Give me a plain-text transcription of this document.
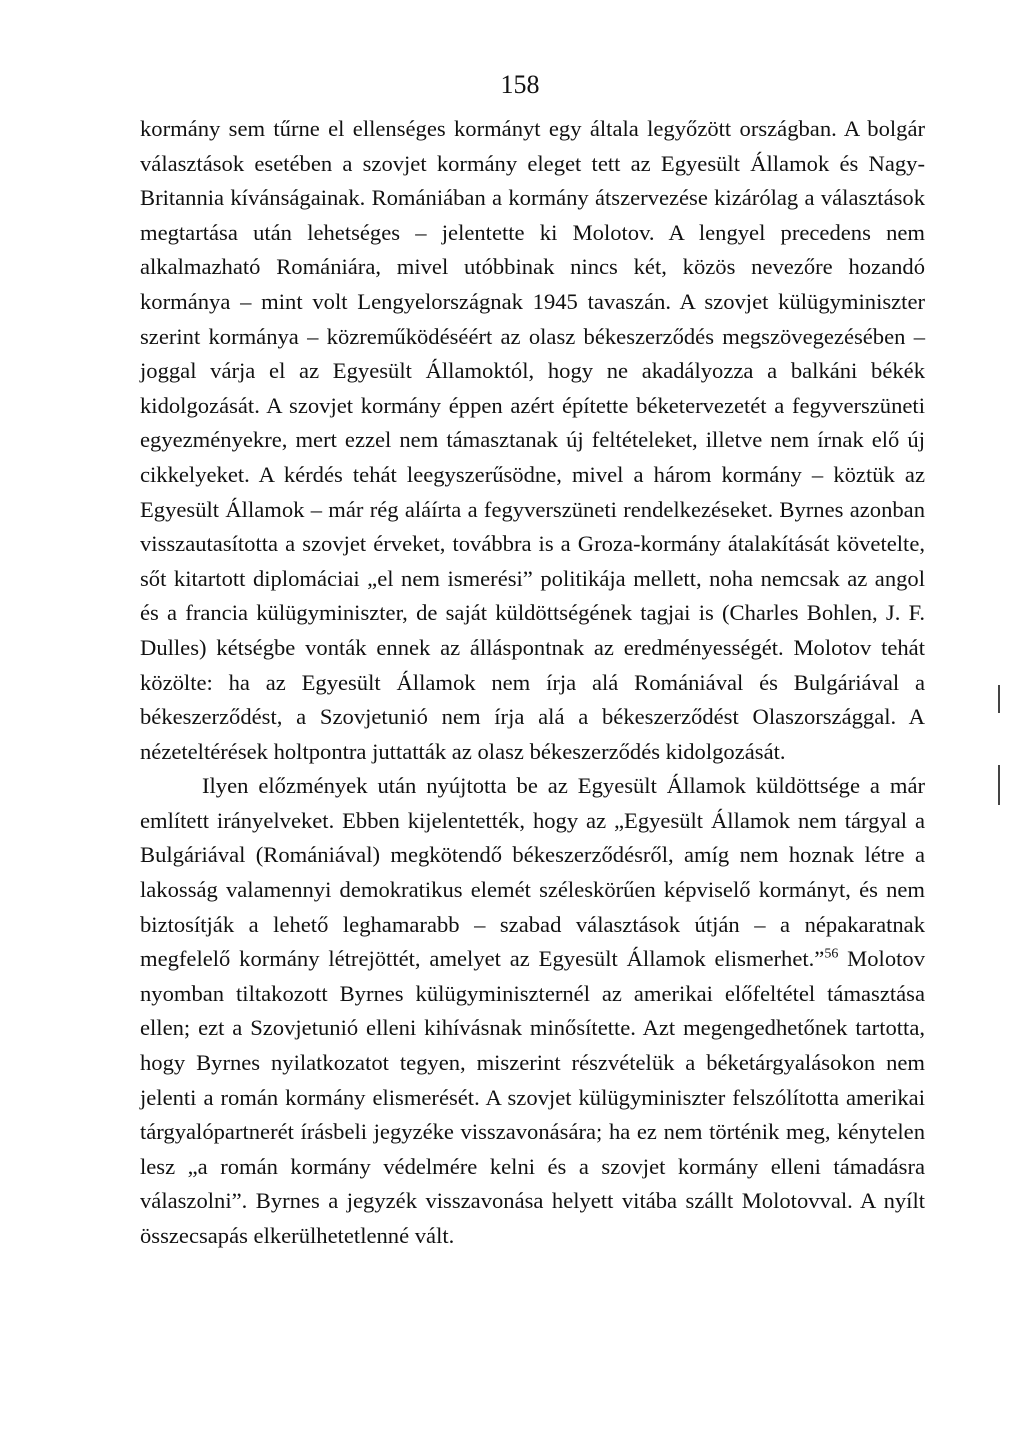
158

kormány sem tűrne el ellenséges kormányt egy általa legyőzött országban. A bolgár választások esetében a szovjet kormány eleget tett az Egyesült Államok és Nagy-Britannia kívánságainak. Romániában a kormány átszervezése kizárólag a választások megtartása után lehetséges – jelentette ki Molotov. A lengyel precedens nem alkalmazható Romániára, mivel utóbbinak nincs két, közös nevezőre hozandó kormánya – mint volt Lengyelországnak 1945 tavaszán. A szovjet külügyminiszter szerint kormánya – közreműködéséért az olasz békeszerződés megszövegezésében – joggal várja el az Egyesült Államoktól, hogy ne akadályozza a balkáni békék kidolgozását. A szovjet kormány éppen azért építette béketervezetét a fegyverszüneti egyezményekre, mert ezzel nem támasztanak új feltételeket, illetve nem írnak elő új cikkelyeket. A kérdés tehát leegyszerűsödne, mivel a három kormány – köztük az Egyesült Államok – már rég aláírta a fegyverszüneti rendelkezéseket. Byrnes azonban visszautasította a szovjet érveket, továbbra is a Groza-kormány átalakítását követelte, sőt kitartott diplomáciai „el nem ismerési” politikája mellett, noha nemcsak az angol és a francia külügyminiszter, de saját küldöttségének tagjai is (Charles Bohlen, J. F. Dulles) kétségbe vonták ennek az álláspontnak az eredményességét. Molotov tehát közölte: ha az Egyesült Államok nem írja alá Romániával és Bulgáriával a békeszerződést, a Szovjetunió nem írja alá a békeszerződést Olaszországgal. A nézeteltérések holtpontra juttatták az olasz békeszerződés kidolgozását.

Ilyen előzmények után nyújtotta be az Egyesült Államok küldöttsége a már említett irányelveket. Ebben kijelentették, hogy az „Egyesült Államok nem tárgyal a Bulgáriával (Romániával) megkötendő békeszerződésről, amíg nem hoznak létre a lakosság valamennyi demokratikus elemét széleskörűen képviselő kormányt, és nem biztosítják a lehető leghamarabb – szabad választások útján – a népakaratnak megfelelő kormány létrejöttét, amelyet az Egyesült Államok elismerhet.”$^{56}$ Molotov nyomban tiltakozott Byrnes külügyminiszternél az amerikai előfeltétel támasztása ellen; ezt a Szovjetunió elleni kihívásnak minősítette. Azt megengedhetőnek tartotta, hogy Byrnes nyilatkozatot tegyen, miszerint részvételük a béketárgyalásokon nem jelenti a román kormány elismerését. A szovjet külügyminiszter felszólította amerikai tárgyalópartnerét írásbeli jegyzéke visszavonására; ha ez nem történik meg, kénytelen lesz „a román kormány védelmére kelni és a szovjet kormány elleni támadásra válaszolni”. Byrnes a jegyzék visszavonása helyett vitába szállt Molotovval. A nyílt összecsapás elkerülhetetlenné vált.
